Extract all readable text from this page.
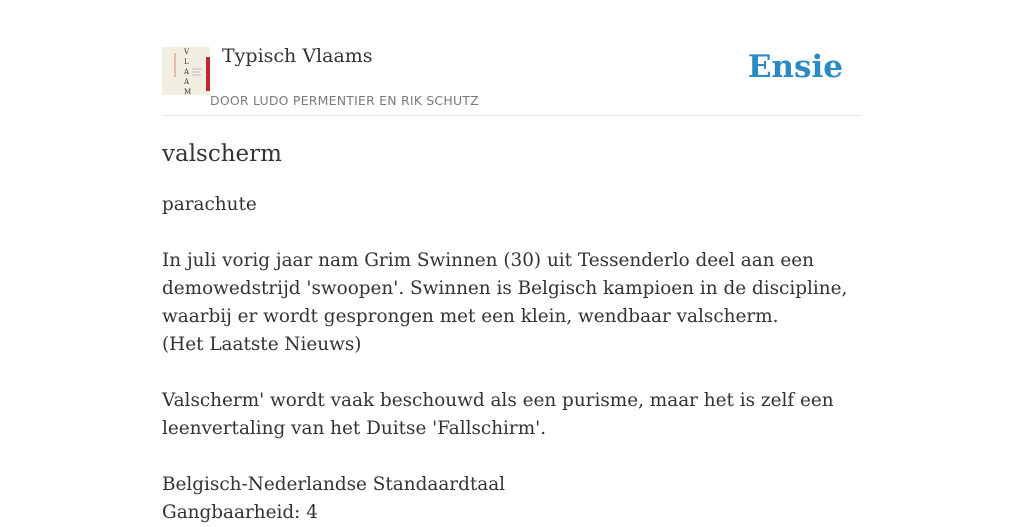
V
L
A
A
M
Typisch Vlaams
DOOR LUDO PERMENTIER EN RIK SCHUTZ
Ensie
valscherm

parachute

In juli vorig jaar nam Grim Swinnen (30) uit Tessenderlo deel aan een demowedstrijd 'swoopen'. Swinnen is Belgisch kampioen in de discipline, waarbij er wordt gesprongen met een klein, wendbaar valscherm.

(Het Laatste Nieuws)

Valscherm' wordt vaak beschouwd als een purisme, maar het is zelf een leenvertaling van het Duitse 'Fallschirm'.

Belgisch-Nederlandse Standaardtaal

Gangbaarheid: 4
